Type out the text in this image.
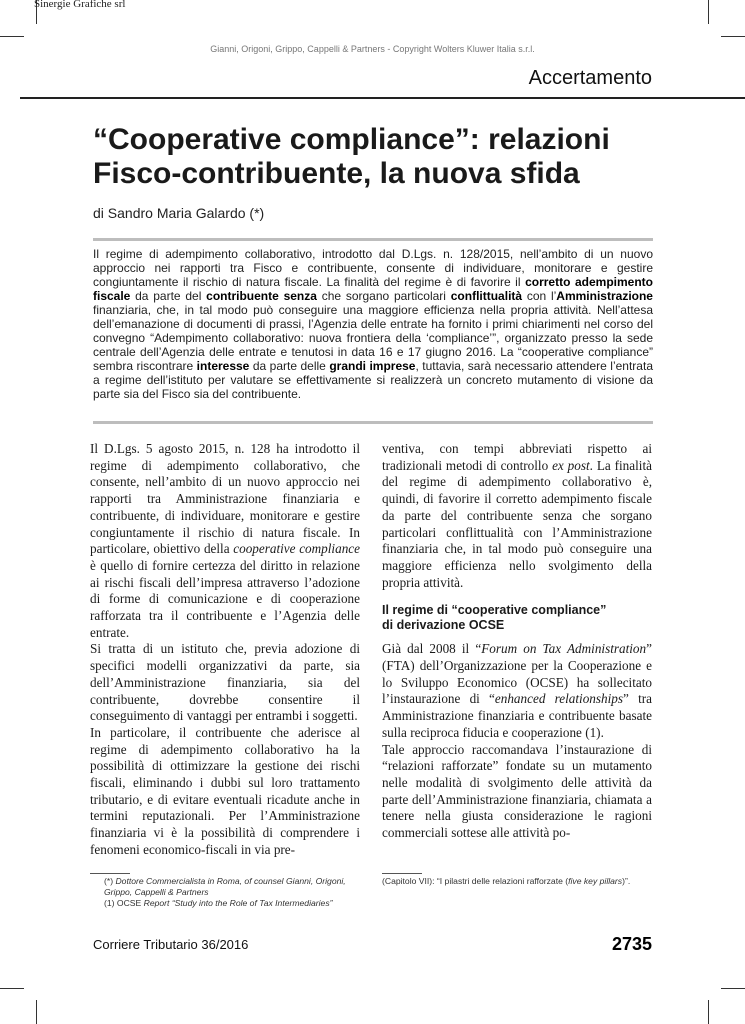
Sinergie Grafiche srl
Gianni, Origoni, Grippo, Cappelli & Partners - Copyright Wolters Kluwer Italia s.r.l.
Accertamento
“Cooperative compliance”: relazioni
Fisco-contribuente, la nuova sfida
di Sandro Maria Galardo (*)
Il regime di adempimento collaborativo, introdotto dal D.Lgs. n. 128/2015, nell’ambito di un nuovo approccio nei rapporti tra Fisco e contribuente, consente di individuare, monitorare e gestire congiuntamente il rischio di natura fiscale. La finalità del regime è di favorire il corretto adempimento fiscale da parte del contribuente senza che sorgano particolari conflittualità con l’Amministrazione finanziaria, che, in tal modo può conseguire una maggiore efficienza nella propria attività. Nell’attesa dell’emanazione di documenti di prassi, l’Agenzia delle entrate ha fornito i primi chiarimenti nel corso del convegno “Adempimento collaborativo: nuova frontiera della ‘compliance’”, organizzato presso la sede centrale dell’Agenzia delle entrate e tenutosi in data 16 e 17 giugno 2016. La “cooperative compliance” sembra riscontrare interesse da parte delle grandi imprese, tuttavia, sarà necessario attendere l’entrata a regime dell’istituto per valutare se effettivamente si realizzerà un concreto mutamento di visione da parte sia del Fisco sia del contribuente.

Il D.Lgs. 5 agosto 2015, n. 128 ha introdotto il regime di adempimento collaborativo, che consente, nell’ambito di un nuovo approccio nei rapporti tra Amministrazione finanziaria e contribuente, di individuare, monitorare e gestire congiuntamente il rischio di natura fiscale. In particolare, obiettivo della cooperative compliance è quello di fornire certezza del diritto in relazione ai rischi fiscali dell’impresa attraverso l’adozione di forme di comunicazione e di cooperazione rafforzata tra il contribuente e l’Agenzia delle entrate.

Si tratta di un istituto che, previa adozione di specifici modelli organizzativi da parte, sia dell’Amministrazione finanziaria, sia del contribuente, dovrebbe consentire il conseguimento di vantaggi per entrambi i soggetti.

In particolare, il contribuente che aderisce al regime di adempimento collaborativo ha la possibilità di ottimizzare la gestione dei rischi fiscali, eliminando i dubbi sul loro trattamento tributario, e di evitare eventuali ricadute anche in termini reputazionali. Per l’Amministrazione finanziaria vi è la possibilità di comprendere i fenomeni economico-fiscali in via pre-

ventiva, con tempi abbreviati rispetto ai tradizionali metodi di controllo ex post. La finalità del regime di adempimento collaborativo è, quindi, di favorire il corretto adempimento fiscale da parte del contribuente senza che sorgano particolari conflittualità con l’Amministrazione finanziaria che, in tal modo può conseguire una maggiore efficienza nello svolgimento della propria attività.

Il regime di “cooperative compliance”
di derivazione OCSE

Già dal 2008 il “Forum on Tax Administration” (FTA) dell’Organizzazione per la Cooperazione e lo Sviluppo Economico (OCSE) ha sollecitato l’instaurazione di “enhanced relationships” tra Amministrazione finanziaria e contribuente basate sulla reciproca fiducia e cooperazione (1).

Tale approccio raccomandava l’instaurazione di “relazioni rafforzate” fondate su un mutamento nelle modalità di svolgimento delle attività da parte dell’Amministrazione finanziaria, chiamata a tenere nella giusta considerazione le ragioni commerciali sottese alle attività po-

(*) Dottore Commercialista in Roma, of counsel Gianni, Origoni, Grippo, Cappelli & Partners
(1) OCSE Report “Study into the Role of Tax Intermediaries”
(Capitolo VII): “I pilastri delle relazioni rafforzate (five key pillars)”.
Corriere Tributario 36/2016	2735
